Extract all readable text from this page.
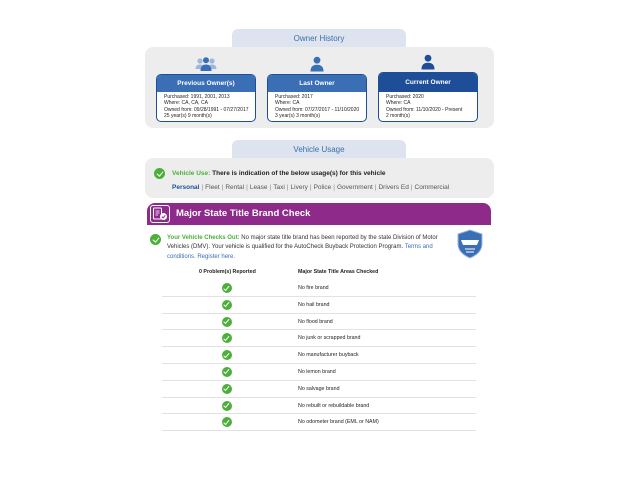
Owner History
Previous Owner(s)
Purchased: 1991, 2001, 2013
Where: CA, CA, CA
Owned from: 09/28/1991 - 07/27/2017
25 year(s) 9 month(s)
Last Owner
Purchased: 2017
Where: CA
Owned from: 07/27/2017 - 11/10/2020
3 year(s) 3 month(s)
Current Owner
Purchased: 2020
Where: CA
Owned from: 11/10/2020 - Present
2 month(s)
Vehicle Usage
Vehicle Use: There is indication of the below usage(s) for this vehicle
Personal | Fleet | Rental | Lease | Taxi | Livery | Police | Government | Drivers Ed | Commercial
Major State Title Brand Check
Your Vehicle Checks Out: No major state title brand has been reported by the state Division of Motor Vehicles (DMV). Your vehicle is qualified for the AutoCheck Buyback Protection Program. Terms and conditions. Register here.
0 Problem(s) Reported	Major State Title Areas Checked
No fire brand
No hail brand
No flood brand
No junk or scrapped brand
No manufacturer buyback
No lemon brand
No salvage brand
No rebuilt or rebuildable brand
No odometer brand (EML or NAM)
